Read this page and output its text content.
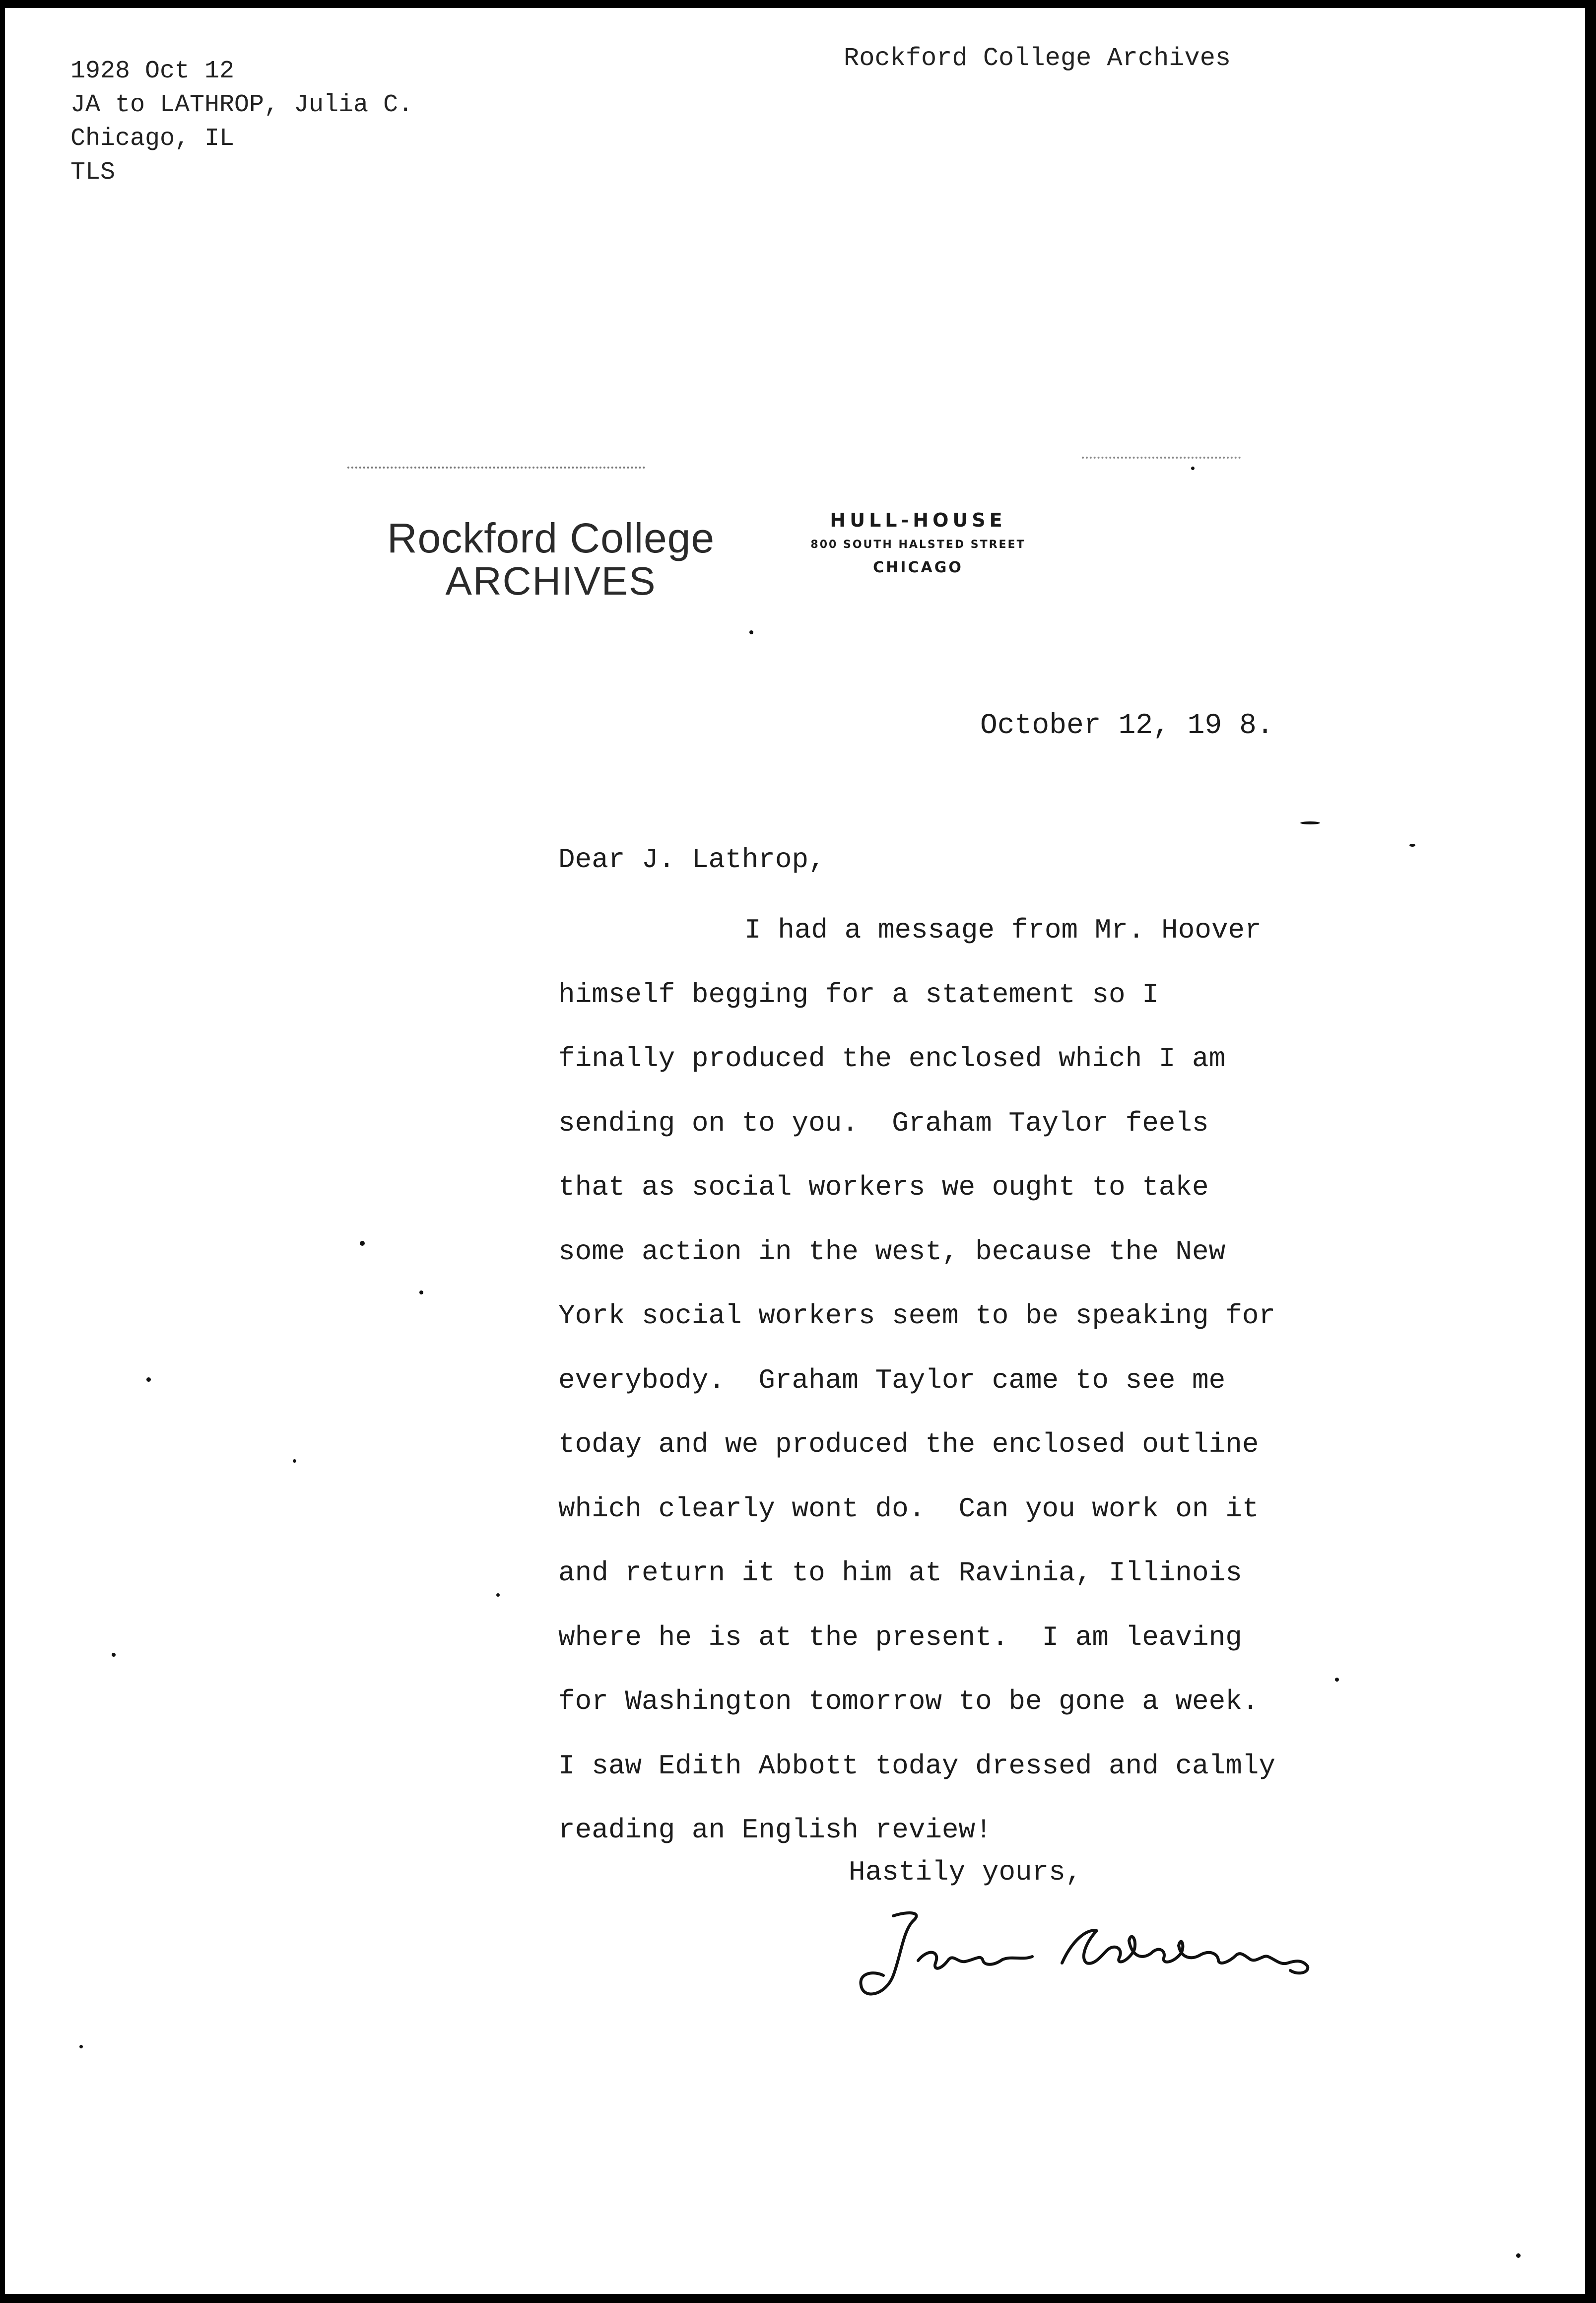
1928 Oct 12
JA to LATHROP, Julia C.
Chicago, IL
TLS
Rockford College Archives
Rockford College
ARCHIVES
HULL-HOUSE
800 SOUTH HALSTED STREET
CHICAGO
October 12, 19 8.
Dear J. Lathrop,
I had a message from Mr. Hoover
himself begging for a statement so I
finally produced the enclosed which I am
sending on to you.  Graham Taylor feels
that as social workers we ought to take
some action in the west, because the New
York social workers seem to be speaking for
everybody.  Graham Taylor came to see me
today and we produced the enclosed outline
which clearly wont do.  Can you work on it
and return it to him at Ravinia, Illinois
where he is at the present.  I am leaving
for Washington tomorrow to be gone a week.
I saw Edith Abbott today dressed and calmly
reading an English review!
Hastily yours,
